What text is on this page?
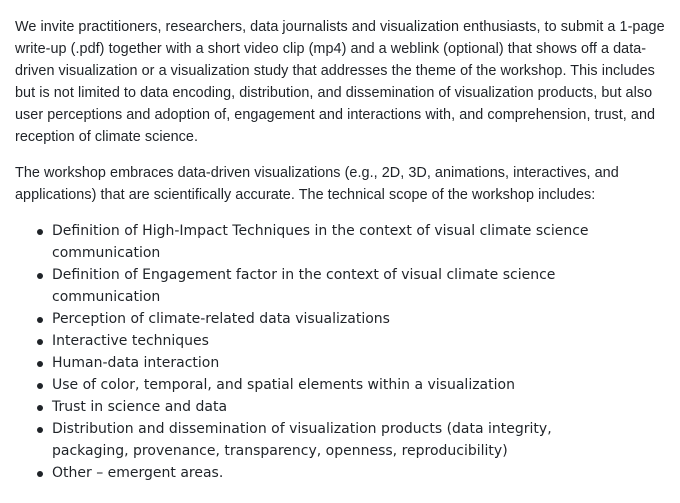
We invite practitioners, researchers, data journalists and visualization enthusiasts, to submit a 1-page write-up (.pdf) together with a short video clip (mp4) and a weblink (optional) that shows off a data-driven visualization or a visualization study that addresses the theme of the workshop. This includes but is not limited to data encoding, distribution, and dissemination of visualization products, but also user perceptions and adoption of, engagement and interactions with, and comprehension, trust, and reception of climate science.

The workshop embraces data-driven visualizations (e.g., 2D, 3D, animations, interactives, and applications) that are scientifically accurate. The technical scope of the workshop includes:

Definition of High-Impact Techniques in the context of visual climate science communication
Definition of Engagement factor in the context of visual climate science communication
Perception of climate-related data visualizations
Interactive techniques
Human-data interaction
Use of color, temporal, and spatial elements within a visualization
Trust in science and data
Distribution and dissemination of visualization products (data integrity, packaging, provenance, transparency, openness, reproducibility)
Other – emergent areas.
